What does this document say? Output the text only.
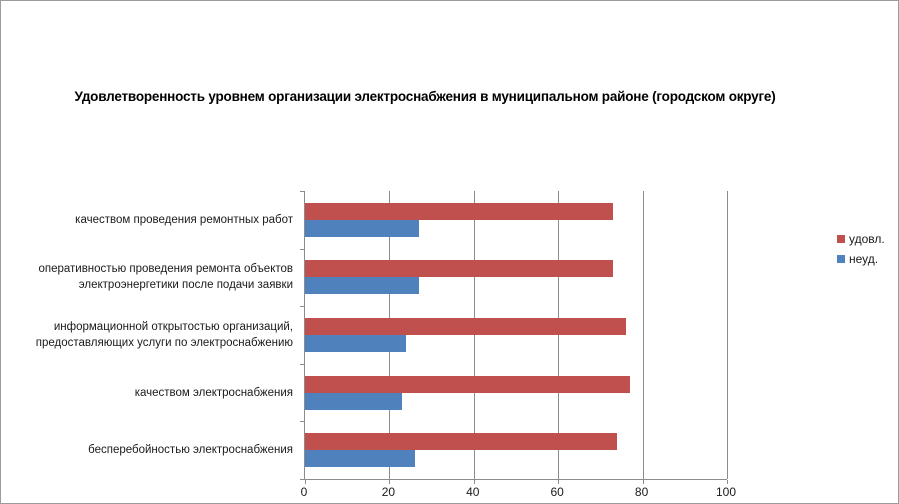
Удовлетворенность уровнем организации электроснабжения в муниципальном районе (городском округе)
удовл.
неуд.
0	20	40	60	80	100
качеством проведения ремонтных работ
оперативностью проведения ремонта объектов электроэнергетики после подачи заявки
информационной открытостью организаций, предоставляющих услуги по электроснабжению
качеством электроснабжения
бесперебойностью электроснабжения
